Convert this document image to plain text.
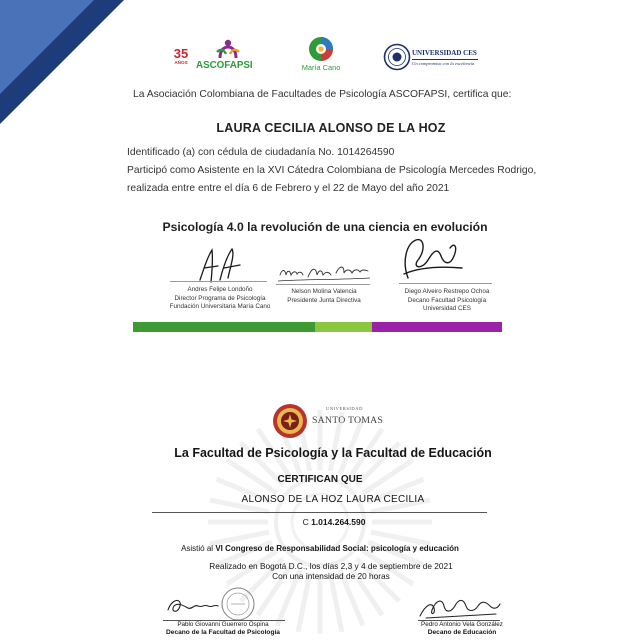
35
AÑOS ASCOFAPSI	María Cano
UNIVERSIDAD CES
Un compromiso con la excelencia
La Asociación Colombiana de Facultades de Psicología ASCOFAPSI, certifica que:
LAURA CECILIA ALONSO DE LA HOZ
Identificado (a) con cédula de ciudadanía No. 1014264590
Participó como Asistente en la XVI Cátedra Colombiana de Psicología Mercedes Rodrigo,
realizada entre entre el día 6 de Febrero y el 22 de Mayo del año 2021
Psicología 4.0 la revolución de una ciencia en evolución
Andres Felipe Londoño
Director Programa de Psicología
Fundación Universitaria María Cano
Nelson Molina Valencia
Presidente Junta Directiva
Diego Alveiro Restrepo Ochoa
Decano Facultad Psicología
Universidad CES
UNIVERSIDAD
SANTO TOMAS
La Facultad de Psicología y la Facultad de Educación
CERTIFICAN QUE
ALONSO DE LA HOZ LAURA CECILIA
C 1.014.264.590
Asistió al VI Congreso de Responsabilidad Social: psicología y educación
Realizado en Bogotá D.C., los días 2,3 y 4 de septiembre de 2021
Con una intensidad de 20 horas
Pablo Giovanni Guerrero Ospina
Decano de la Facultad de Psicología
Pedro Antonio Vela González
Decano de Educación
